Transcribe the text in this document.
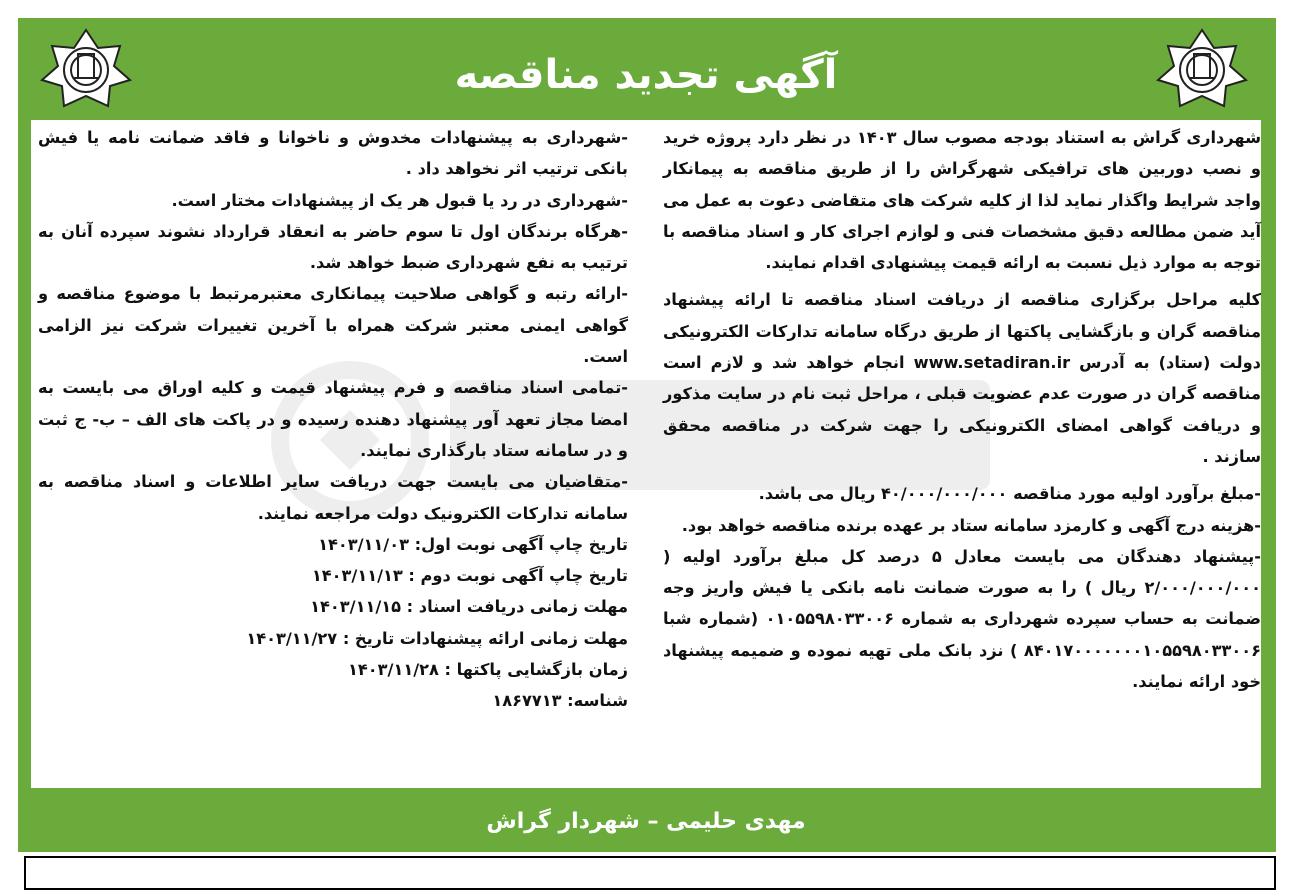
آگهی تجدید مناقصه

شهرداری گراش به استناد بودجه مصوب سال ۱۴۰۳ در نظر دارد پروژه خرید و نصب دوربین های ترافیکی شهرگراش را از طریق مناقصه به پیمانکار واجد شرایط واگذار نماید لذا از کلیه شرکت های متقاضی دعوت به عمل می آید ضمن مطالعه دقیق مشخصات فنی و لوازم اجرای کار و اسناد مناقصه با توجه به موارد ذیل نسبت به ارائه قیمت پیشنهادی اقدام نمایند.

کلیه مراحل برگزاری مناقصه از دریافت اسناد مناقصه تا ارائه پیشنهاد مناقصه گران و بازگشایی پاکتها از طریق درگاه سامانه تدارکات الکترونیکی دولت (ستاد) به آدرس www.setadiran.ir انجام خواهد شد و لازم است مناقصه گران در صورت عدم عضویت قبلی ، مراحل ثبت نام در سایت مذکور و دریافت گواهی امضای الکترونیکی را جهت شرکت در مناقصه محقق سازند .

-مبلغ برآورد اولیه مورد مناقصه ۴۰/۰۰۰/۰۰۰/۰۰۰ ریال می باشد.

-هزینه درج آگهی و کارمزد سامانه ستاد بر عهده برنده مناقصه خواهد بود.

-پیشنهاد دهندگان می بایست معادل ۵ درصد کل مبلغ برآورد اولیه ( ۲/۰۰۰/۰۰۰/۰۰۰ ریال ) را به صورت ضمانت نامه بانکی یا فیش واریز وجه ضمانت به حساب سپرده شهرداری به شماره ۰۱۰۵۵۹۸۰۳۳۰۰۶ (شماره شبا ۸۴۰۱۷۰۰۰۰۰۰۰۱۰۵۵۹۸۰۳۳۰۰۶ ) نزد بانک ملی تهیه نموده و ضمیمه پیشنهاد خود ارائه نمایند.

-شهرداری به پیشنهادات مخدوش و ناخوانا و فاقد ضمانت نامه یا فیش بانکی ترتیب اثر نخواهد داد .

-شهرداری در رد یا قبول هر یک از پیشنهادات مختار است.

-هرگاه برندگان اول تا سوم حاضر به انعقاد قرارداد نشوند سپرده آنان به ترتیب به نفع شهرداری ضبط خواهد شد.

-ارائه رتبه و گواهی صلاحیت پیمانکاری معتبرمرتبط با موضوع مناقصه و گواهی ایمنی معتبر شرکت همراه با آخرین تغییرات شرکت نیز الزامی است.

-تمامی اسناد مناقصه و فرم پیشنهاد قیمت و کلیه اوراق می بایست به امضا مجاز تعهد آور پیشنهاد دهنده رسیده و در پاکت های الف – ب- ج ثبت و در سامانه ستاد بارگذاری نمایند.

-متقاضیان می بایست جهت دریافت سایر اطلاعات و اسناد مناقصه به سامانه تدارکات الکترونیک دولت مراجعه نمایند.

تاریخ چاپ آگهی نوبت اول: ۱۴۰۳/۱۱/۰۳

تاریخ چاپ آگهی نوبت دوم : ۱۴۰۳/۱۱/۱۳

مهلت زمانی دریافت اسناد : ۱۴۰۳/۱۱/۱۵

مهلت زمانی ارائه پیشنهادات تاریخ : ۱۴۰۳/۱۱/۲۷

زمان بازگشایی پاکتها : ۱۴۰۳/۱۱/۲۸

شناسه: ۱۸۶۷۷۱۳

مهدی حلیمی – شهردار گراش
